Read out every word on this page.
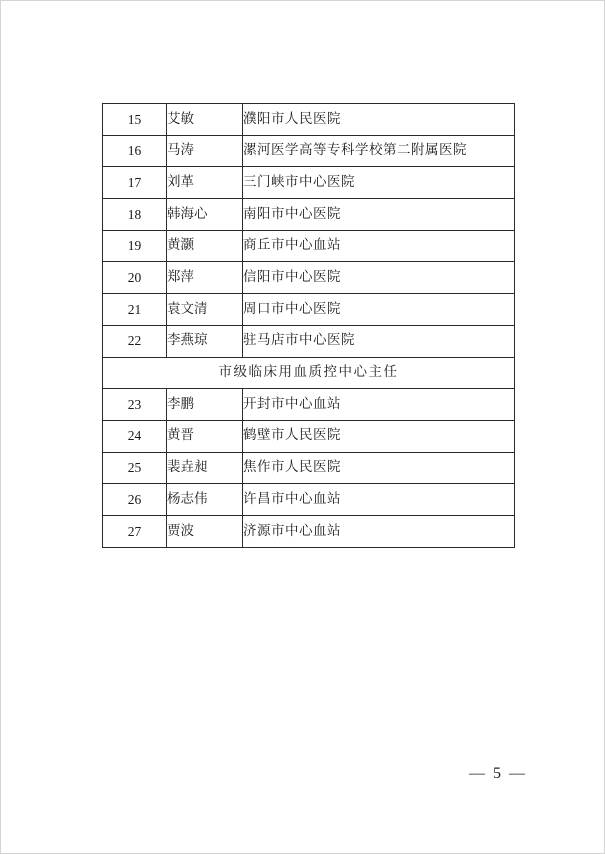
15	艾敏	濮阳市人民医院
16	马涛	漯河医学高等专科学校第二附属医院
17	刘革	三门峡市中心医院
18	韩海心	南阳市中心医院
19	黄灏	商丘市中心血站
20	郑萍	信阳市中心医院
21	袁文清	周口市中心医院
22	李燕琼	驻马店市中心医院
市级临床用血质控中心主任		
23	李鹏	开封市中心血站
24	黄晋	鹤壁市人民医院
25	裴垚昶	焦作市人民医院
26	杨志伟	许昌市中心血站
27	贾波	济源市中心血站
— 5 —
